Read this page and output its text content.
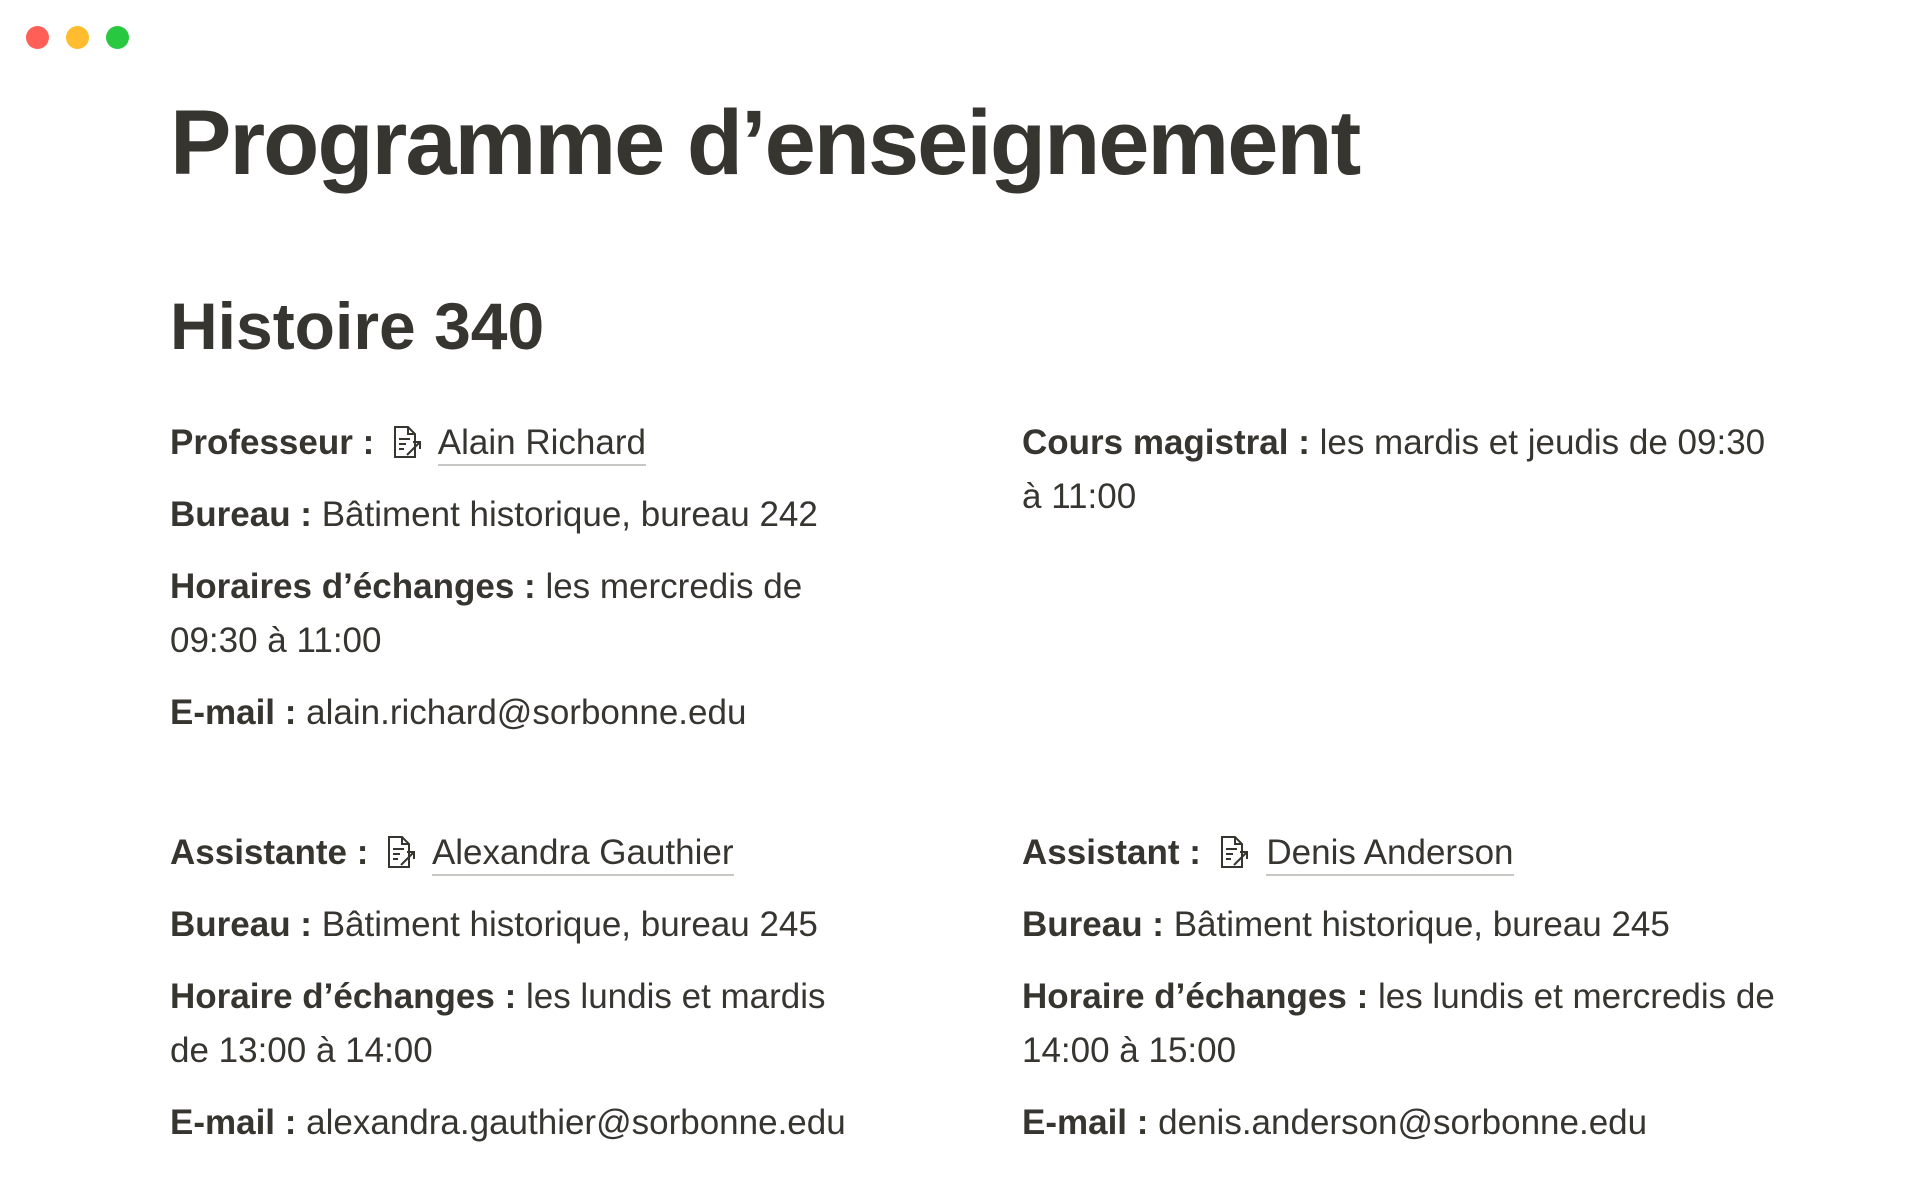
Programme d’enseignement
Histoire 340

Professeur : Alain Richard

Bureau : Bâtiment historique, bureau 242

Horaires d’échanges : les mercredis de 09:30 à 11:00

E-mail : alain.richard@sorbonne.edu

Cours magistral : les mardis et jeudis de 09:30 à 11:00

Assistante : Alexandra Gauthier

Bureau : Bâtiment historique, bureau 245

Horaire d’échanges : les lundis et mardis de 13:00 à 14:00

E-mail : alexandra.gauthier@sorbonne.edu

Assistant : Denis Anderson

Bureau : Bâtiment historique, bureau 245

Horaire d’échanges : les lundis et mercredis de 14:00 à 15:00

E-mail : denis.anderson@sorbonne.edu
